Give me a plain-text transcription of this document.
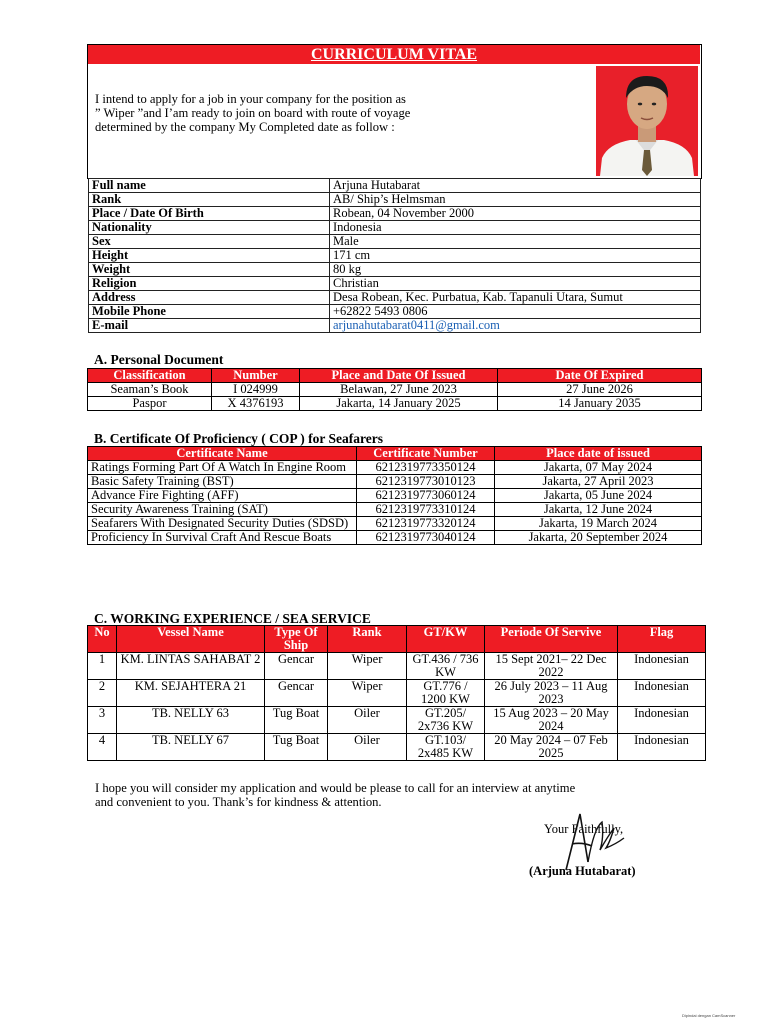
CURRICULUM VITAE
I intend to apply for a job in your company for the position as
” Wiper ”and I’am ready to join on board with route of voyage
determined by the company My Completed date as follow :
Full name	Arjuna Hutabarat
Rank	AB/ Ship’s Helmsman
Place / Date Of Birth	Robean, 04 November 2000
Nationality	Indonesia
Sex	Male
Height	171 cm
Weight	80 kg
Religion	Christian
Address	Desa Robean, Kec. Purbatua, Kab. Tapanuli Utara, Sumut
Mobile Phone	+62822 5493 0806
E-mail	arjunahutabarat0411@gmail.com
A. Personal Document
Classification	Number	Place and Date Of Issued	Date Of Expired
Seaman’s Book	I 024999	Belawan, 27 June 2023	27 June 2026
Paspor	X 4376193	Jakarta, 14 January 2025	14 January 2035
B. Certificate Of Proficiency ( COP ) for Seafarers
Certificate Name	Certificate Number	Place date of issued
Ratings Forming Part Of A Watch In Engine Room	6212319773350124	Jakarta, 07 May 2024
Basic Safety Training (BST)	6212319773010123	Jakarta, 27 April 2023
Advance Fire Fighting (AFF)	6212319773060124	Jakarta, 05 June 2024
Security Awareness Training (SAT)	6212319773310124	Jakarta, 12 June 2024
Seafarers With Designated Security Duties (SDSD)	6212319773320124	Jakarta, 19 March 2024
Proficiency In Survival Craft And Rescue Boats	6212319773040124	Jakarta, 20 September 2024
C. WORKING EXPERIENCE / SEA SERVICE
No	Vessel Name	Type Of Ship	Rank	GT/KW	Periode Of Servive	Flag
1	KM. LINTAS SAHABAT 2	Gencar	Wiper	GT.436 / 736 KW	15 Sept 2021– 22 Dec 2022	Indonesian
2	KM. SEJAHTERA 21	Gencar	Wiper	GT.776 / 1200 KW	26 July 2023 – 11 Aug 2023	Indonesian
3	TB. NELLY 63	Tug Boat	Oiler	GT.205/ 2x736 KW	15 Aug 2023 – 20 May 2024	Indonesian
4	TB. NELLY 67	Tug Boat	Oiler	GT.103/ 2x485 KW	20 May 2024 – 07 Feb 2025	Indonesian
I hope you will consider my application and would be please to call for an interview at anytime
and convenient to you. Thank’s for kindness & attention.
Your Faithfully,
(Arjuna Hutabarat)
Dipindai dengan CamScanner
